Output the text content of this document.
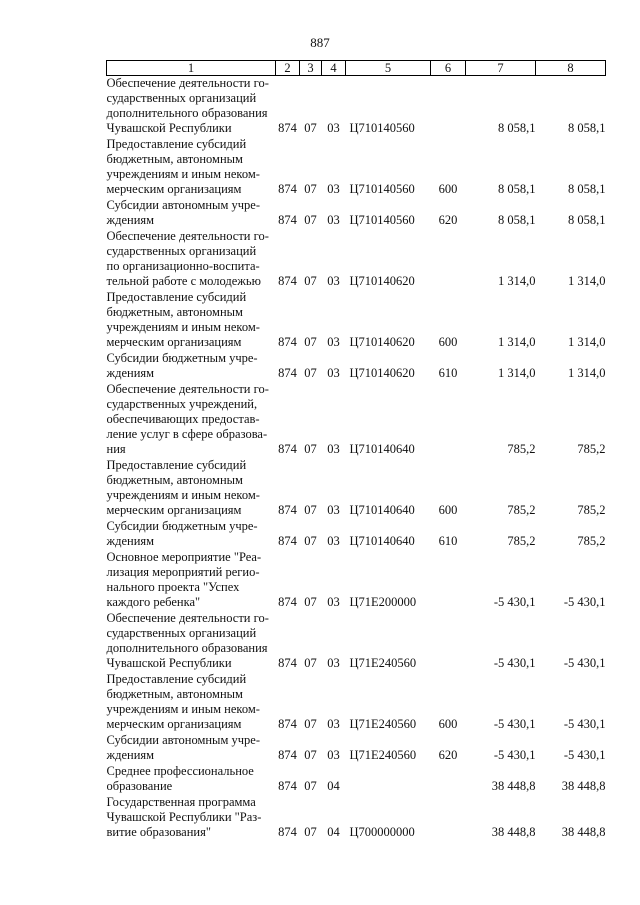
887
1	2	3	4	5	6	7	8

Обеспечение деятельности го-
сударственных организаций
дополнительного образования
Чувашской Республики	874	07	03	Ц710140560		8 058,1	8 058,1

Предоставление субсидий
бюджетным, автономным
учреждениям и иным неком-
мерческим организациям	874	07	03	Ц710140560	600	8 058,1	8 058,1

Субсидии автономным учре-
ждениям	874	07	03	Ц710140560	620	8 058,1	8 058,1

Обеспечение деятельности го-
сударственных организаций
по организационно-воспита-
тельной работе с молодежью	874	07	03	Ц710140620		1 314,0	1 314,0

Предоставление субсидий
бюджетным, автономным
учреждениям и иным неком-
мерческим организациям	874	07	03	Ц710140620	600	1 314,0	1 314,0

Субсидии бюджетным учре-
ждениям	874	07	03	Ц710140620	610	1 314,0	1 314,0

Обеспечение деятельности го-
сударственных учреждений,
обеспечивающих предостав-
ление услуг в сфере образова-
ния	874	07	03	Ц710140640		785,2	785,2

Предоставление субсидий
бюджетным, автономным
учреждениям и иным неком-
мерческим организациям	874	07	03	Ц710140640	600	785,2	785,2

Субсидии бюджетным учре-
ждениям	874	07	03	Ц710140640	610	785,2	785,2

Основное мероприятие "Реа-
лизация мероприятий регио-
нального проекта "Успех
каждого ребенка"	874	07	03	Ц71Е200000		-5 430,1	-5 430,1

Обеспечение деятельности го-
сударственных организаций
дополнительного образования
Чувашской Республики	874	07	03	Ц71Е240560		-5 430,1	-5 430,1

Предоставление субсидий
бюджетным, автономным
учреждениям и иным неком-
мерческим организациям	874	07	03	Ц71Е240560	600	-5 430,1	-5 430,1

Субсидии автономным учре-
ждениям	874	07	03	Ц71Е240560	620	-5 430,1	-5 430,1

Среднее профессиональное
образование	874	07	04			38 448,8	38 448,8

Государственная программа
Чувашской Республики "Раз-
витие образования"	874	07	04	Ц700000000		38 448,8	38 448,8
